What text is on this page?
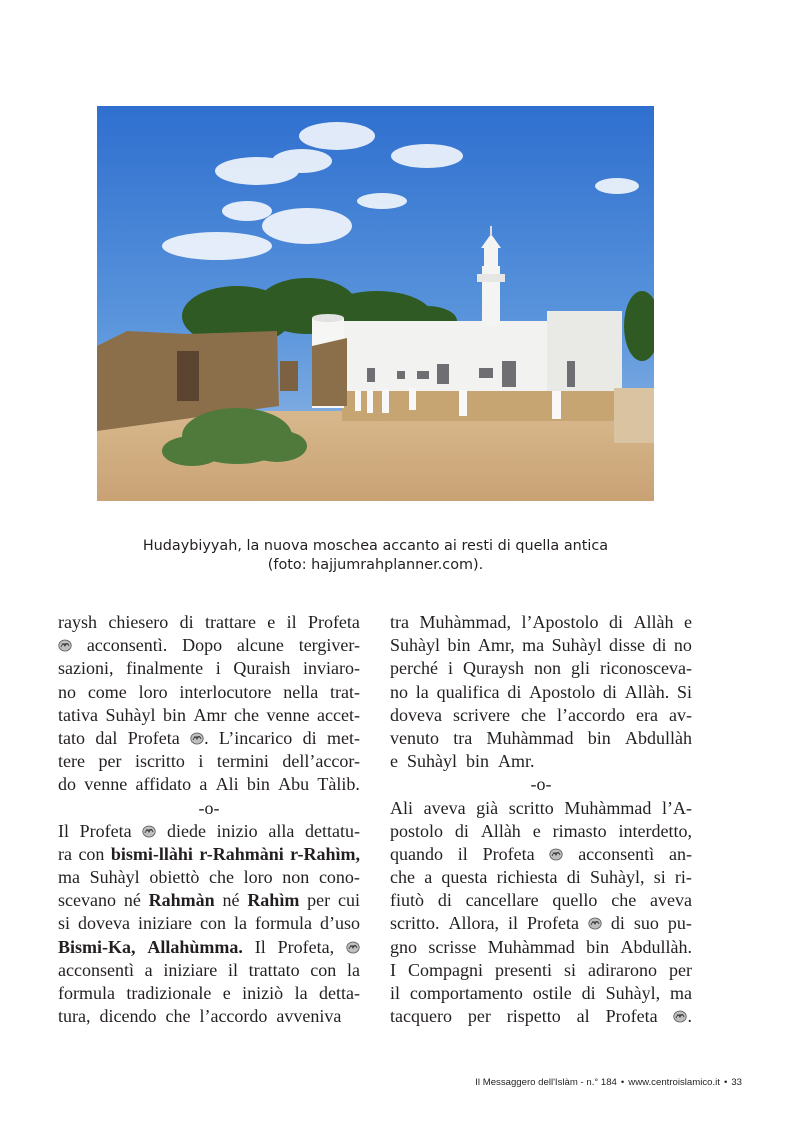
Hudaybiyyah, la nuova moschea accanto ai resti di quella antica
(foto: hajjumrahplanner.com).
raysh chiesero di trattare e il Profeta
acconsentì. Dopo alcune tergiver-
sazioni, finalmente i Quraish inviaro-
no come loro interlocutore nella trat-
tativa Suhàyl bin Amr che venne accet-
tato dal Profeta	. L’incarico di met-
tere per iscritto i termini dell’accor-
do venne affidato a Ali bin Abu Tàlib.
-o-
Il Profeta diede inizio alla dettatu-
ra con bismi-llàhi r-Rahmàni r-Rahìm,
ma Suhàyl obiettò che loro non cono-
scevano né Rahmàn né Rahìm per cui
si doveva iniziare con la formula d’uso
Bismi-Ka, Allahùmma. Il Profeta,
acconsentì a iniziare il trattato con la
formula tradizionale e iniziò la detta-
tura, dicendo che l’accordo avveniva
tra Muhàmmad, l’Apostolo di Allàh e
Suhàyl bin Amr, ma Suhàyl disse di no
perché i Quraysh non gli riconosceva-
no la qualifica di Apostolo di Allàh. Si
doveva scrivere che l’accordo era av-
venuto tra Muhàmmad bin Abdullàh
e Suhàyl bin Amr.
-o-
Ali aveva già scritto Muhàmmad l’A-
postolo di Allàh e rimasto interdetto,
quando il Profeta acconsentì an-
che a questa richiesta di Suhàyl, si ri-
fiutò di cancellare quello che aveva
scritto. Allora, il Profeta di suo pu-
gno scrisse Muhàmmad bin Abdullàh.
I Compagni presenti si adirarono per
il comportamento ostile di Suhàyl, ma
tacquero per rispetto al Profeta	.
Il Messaggero dell'Islàm - n.° 184 • www.centroislamico.it • 33
